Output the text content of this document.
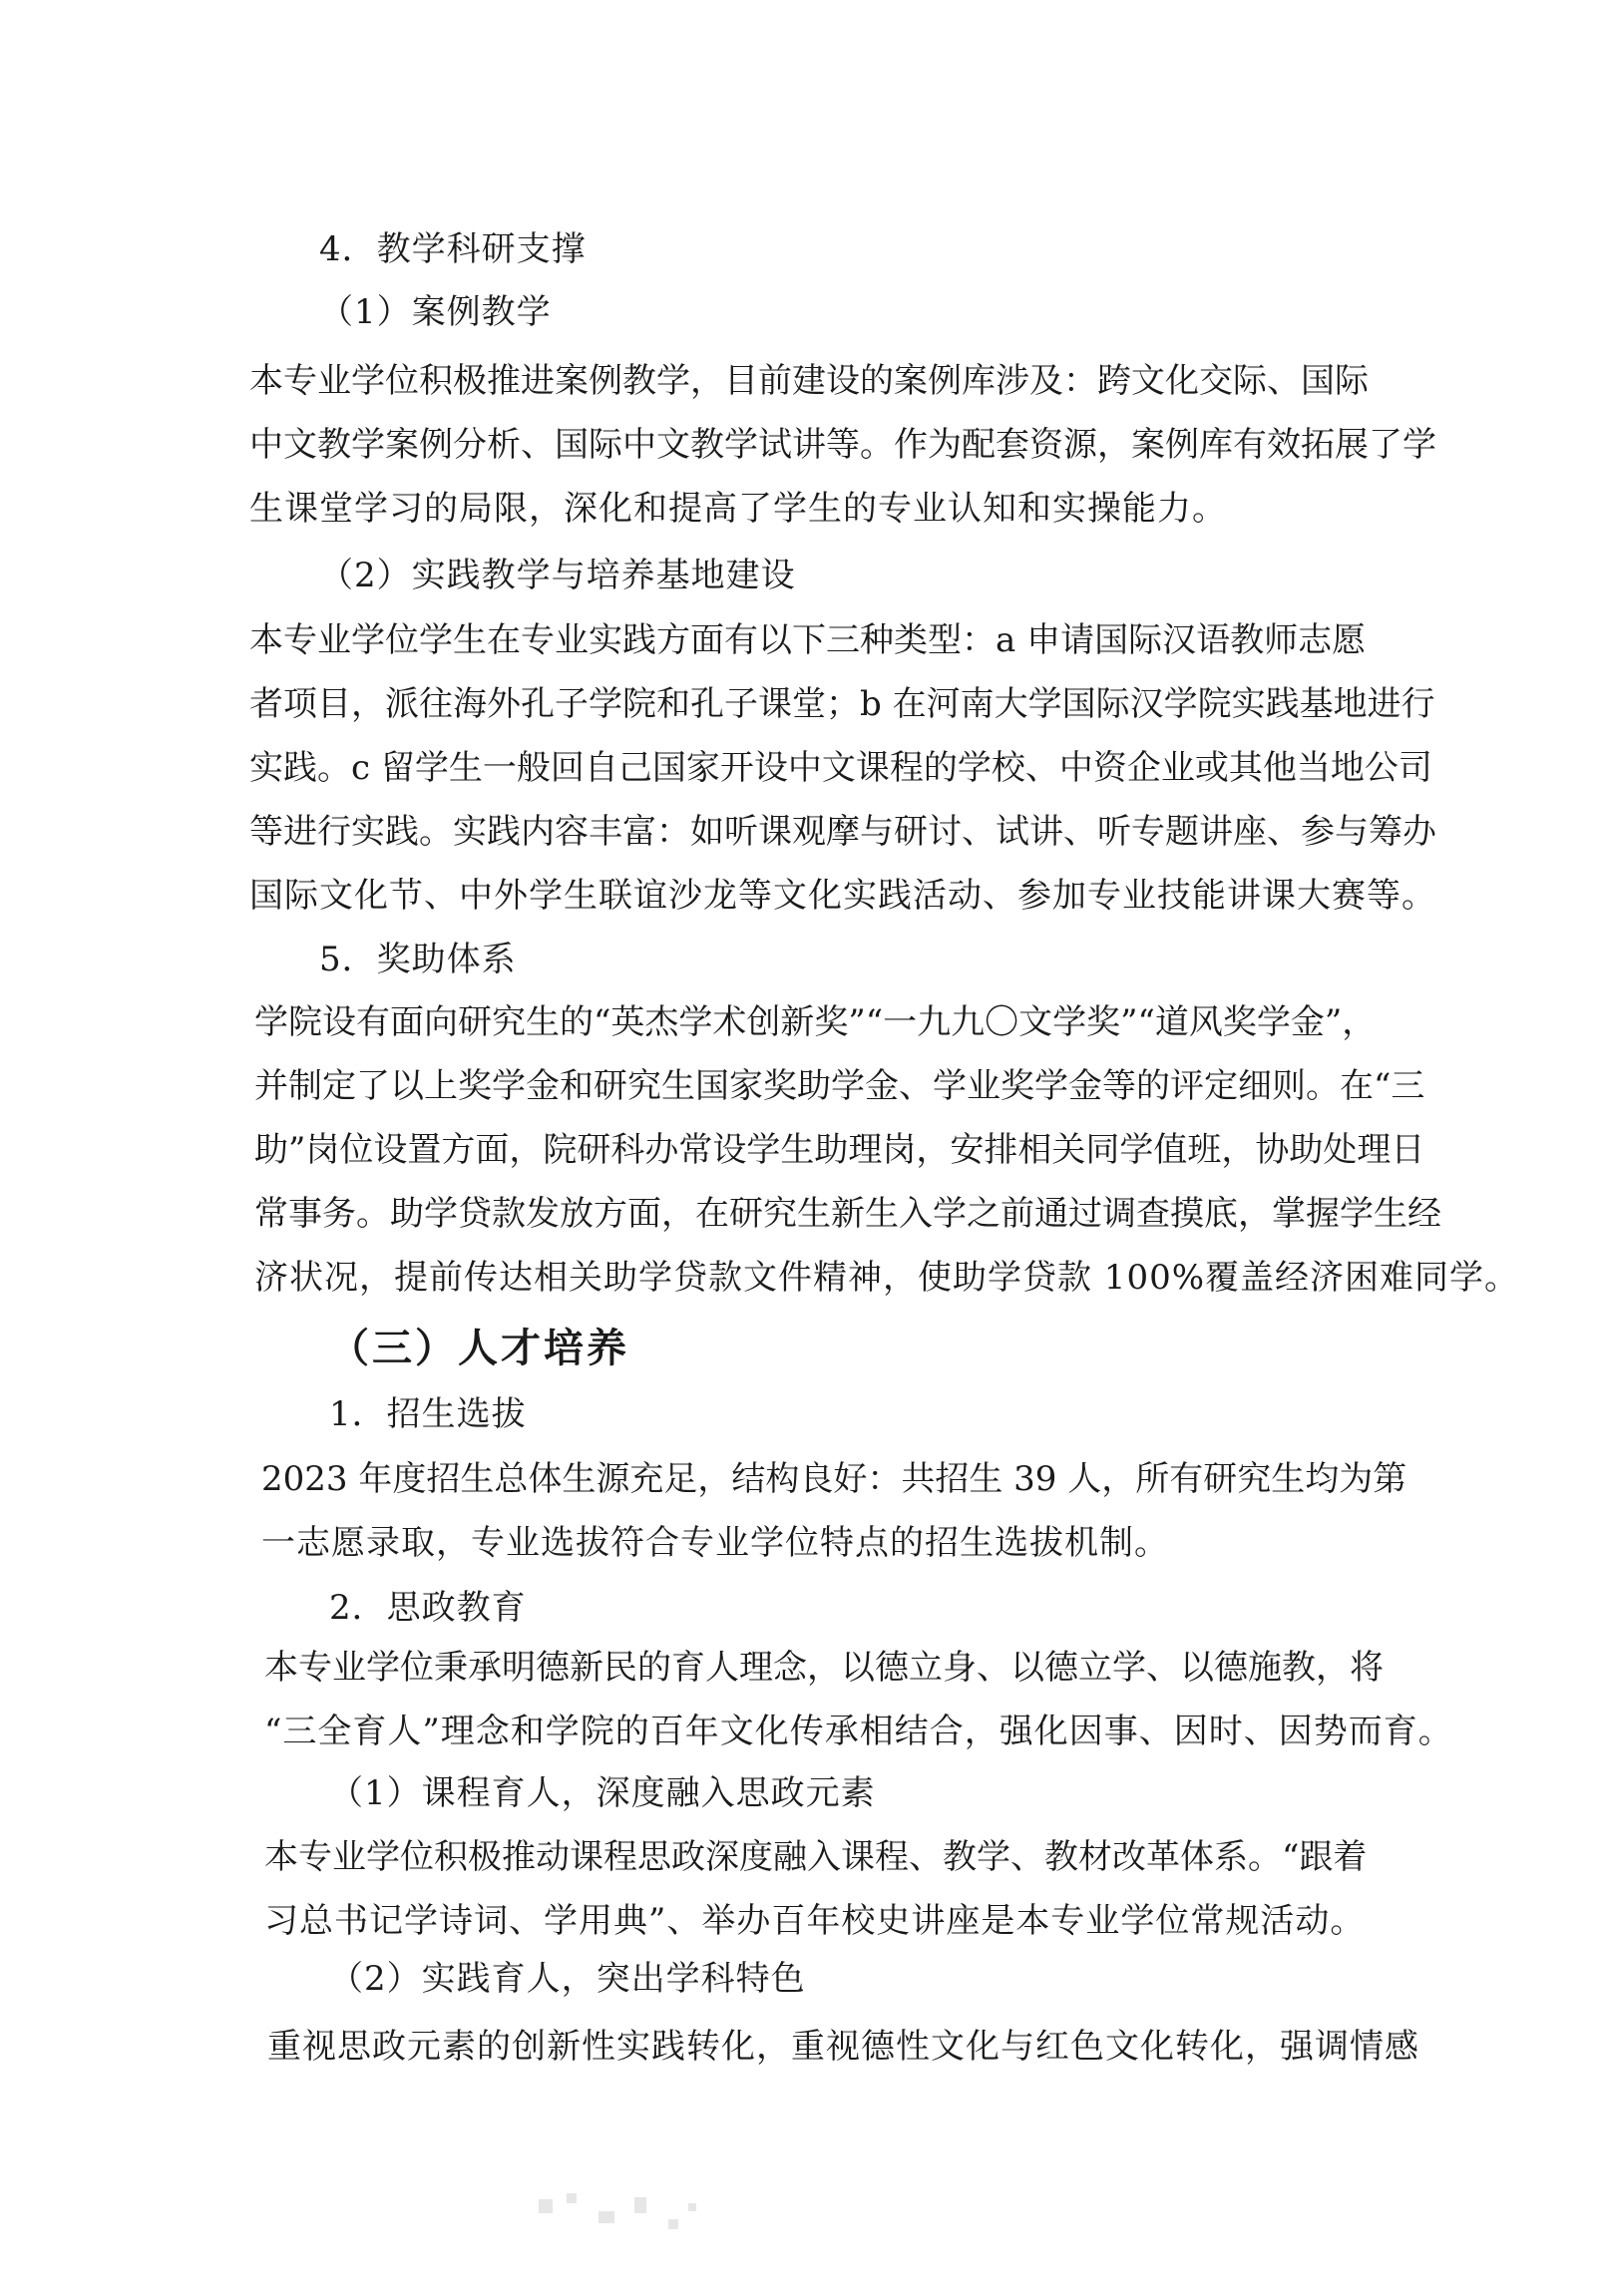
4．教学科研支撑
（1）案例教学
本专业学位积极推进案例教学，目前建设的案例库涉及：跨文化交际、国际
中文教学案例分析、国际中文教学试讲等。作为配套资源，案例库有效拓展了学
生课堂学习的局限，深化和提高了学生的专业认知和实操能力。
（2）实践教学与培养基地建设
本专业学位学生在专业实践方面有以下三种类型：a 申请国际汉语教师志愿
者项目，派往海外孔子学院和孔子课堂；b 在河南大学国际汉学院实践基地进行
实践。c 留学生一般回自己国家开设中文课程的学校、中资企业或其他当地公司
等进行实践。实践内容丰富：如听课观摩与研讨、试讲、听专题讲座、参与筹办
国际文化节、中外学生联谊沙龙等文化实践活动、参加专业技能讲课大赛等。
5．奖助体系
学院设有面向研究生的“英杰学术创新奖”“一九九〇文学奖”“道风奖学金”，
并制定了以上奖学金和研究生国家奖助学金、学业奖学金等的评定细则。在“三
助”岗位设置方面，院研科办常设学生助理岗，安排相关同学值班，协助处理日
常事务。助学贷款发放方面，在研究生新生入学之前通过调查摸底，掌握学生经
济状况，提前传达相关助学贷款文件精神，使助学贷款 100%覆盖经济困难同学。
（三）人才培养
1．招生选拔
2023 年度招生总体生源充足，结构良好：共招生 39 人，所有研究生均为第
一志愿录取，专业选拔符合专业学位特点的招生选拔机制。
2．思政教育
本专业学位秉承明德新民的育人理念，以德立身、以德立学、以德施教，将
“三全育人”理念和学院的百年文化传承相结合，强化因事、因时、因势而育。
（1）课程育人，深度融入思政元素
本专业学位积极推动课程思政深度融入课程、教学、教材改革体系。“跟着
习总书记学诗词、学用典”、举办百年校史讲座是本专业学位常规活动。
（2）实践育人，突出学科特色
重视思政元素的创新性实践转化，重视德性文化与红色文化转化，强调情感
